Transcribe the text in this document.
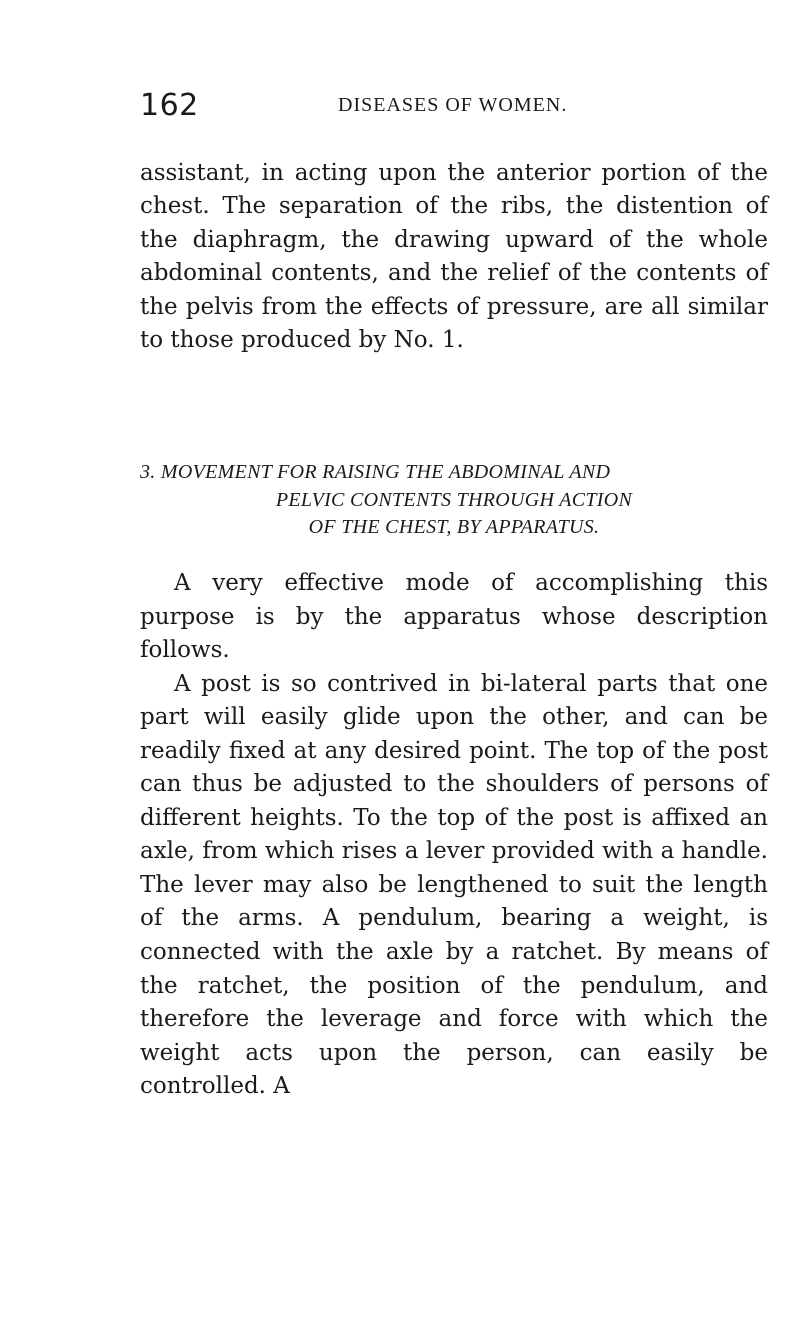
162	DISEASES OF WOMEN.

assistant, in acting upon the anterior portion of the chest. The separation of the ribs, the distention of the diaphragm, the drawing upward of the whole abdominal contents, and the relief of the contents of the pelvis from the effects of pressure, are all similar to those produced by No. 1.

3. MOVEMENT FOR RAISING THE ABDOMINAL AND
PELVIC CONTENTS THROUGH ACTION
OF THE CHEST, BY APPARATUS.

A very effective mode of accomplishing this purpose is by the apparatus whose description follows.

A post is so contrived in bi-lateral parts that one part will easily glide upon the other, and can be readily fixed at any desired point. The top of the post can thus be adjusted to the shoulders of persons of different heights. To the top of the post is affixed an axle, from which rises a lever provided with a handle. The lever may also be lengthened to suit the length of the arms. A pendulum, bearing a weight, is connected with the axle by a ratchet. By means of the ratchet, the position of the pendulum, and therefore the leverage and force with which the weight acts upon the person, can easily be controlled. A
